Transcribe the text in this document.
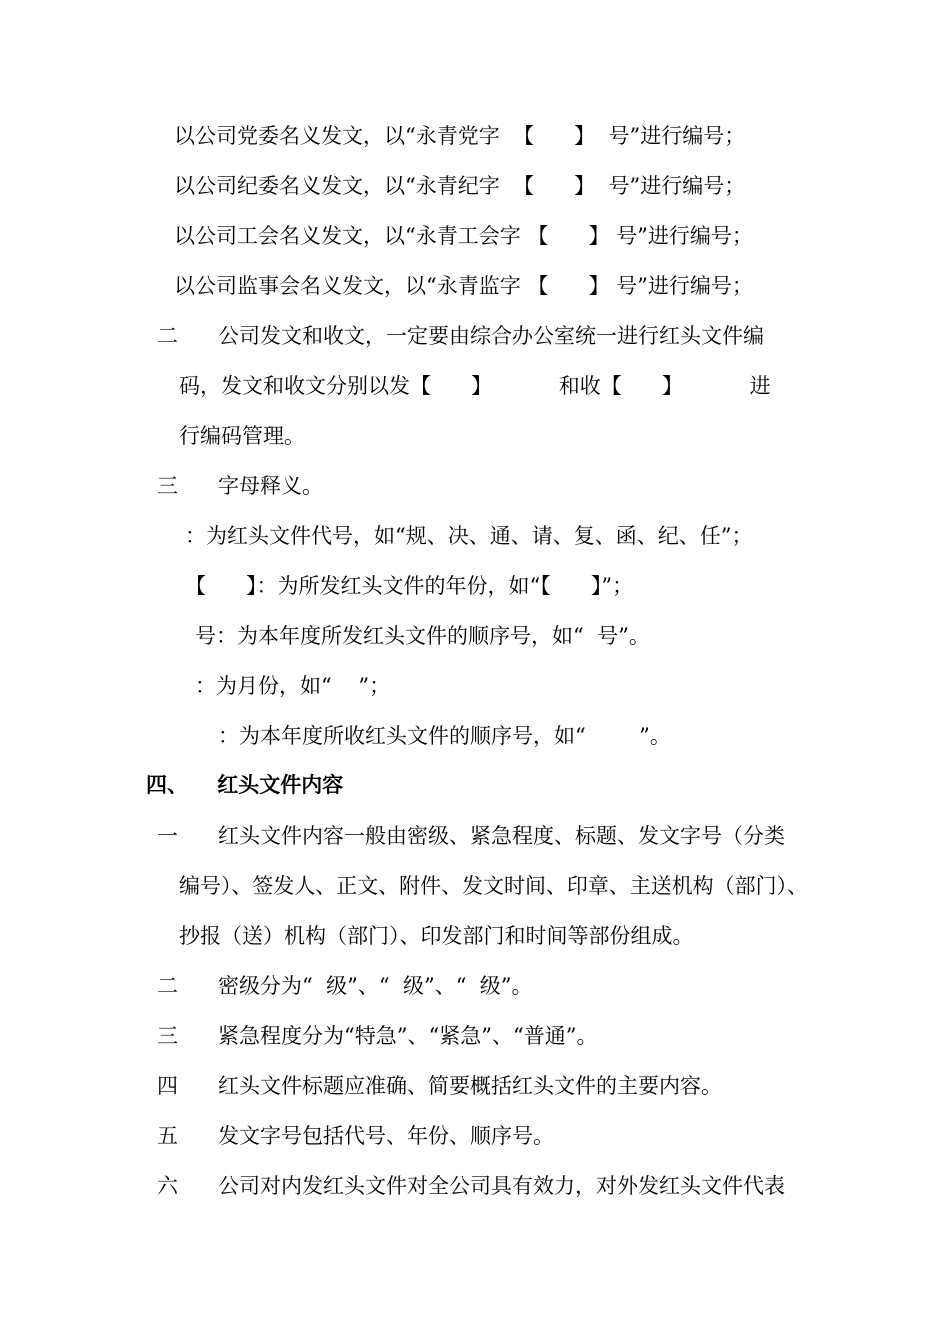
以公司党委名义发文，以“永青党字  【      】  号”进行编号；
以公司纪委名义发文，以“永青纪字  【      】  号”进行编号；
以公司工会名义发文，以“永青工会字 【      】 号”进行编号；
以公司监事会名义发文，以“永青监字 【      】 号”进行编号；
二      公司发文和收文，一定要由综合办公室统一进行红头文件编
码，发文和收文分别以发【      】          和收【      】          进
行编码管理。
三      字母释义。
：为红头文件代号，如“规、决、通、请、复、函、纪、任”；
【      】：为所发红头文件的年份，如“【      】”；
号：为本年度所发红头文件的顺序号，如“  号”。
：为月份，如“    ”；
：为本年度所收红头文件的顺序号，如“        ”。
四、    红头文件内容
一      红头文件内容一般由密级、紧急程度、标题、发文字号（分类
编号）、签发人、正文、附件、发文时间、印章、主送机构（部门）、
抄报（送）机构（部门）、印发部门和时间等部份组成。
二      密级分为“  级”、“  级”、“  级”。
三      紧急程度分为“特急”、“紧急”、“普通”。
四      红头文件标题应准确、简要概括红头文件的主要内容。
五      发文字号包括代号、年份、顺序号。
六      公司对内发红头文件对全公司具有效力，对外发红头文件代表
